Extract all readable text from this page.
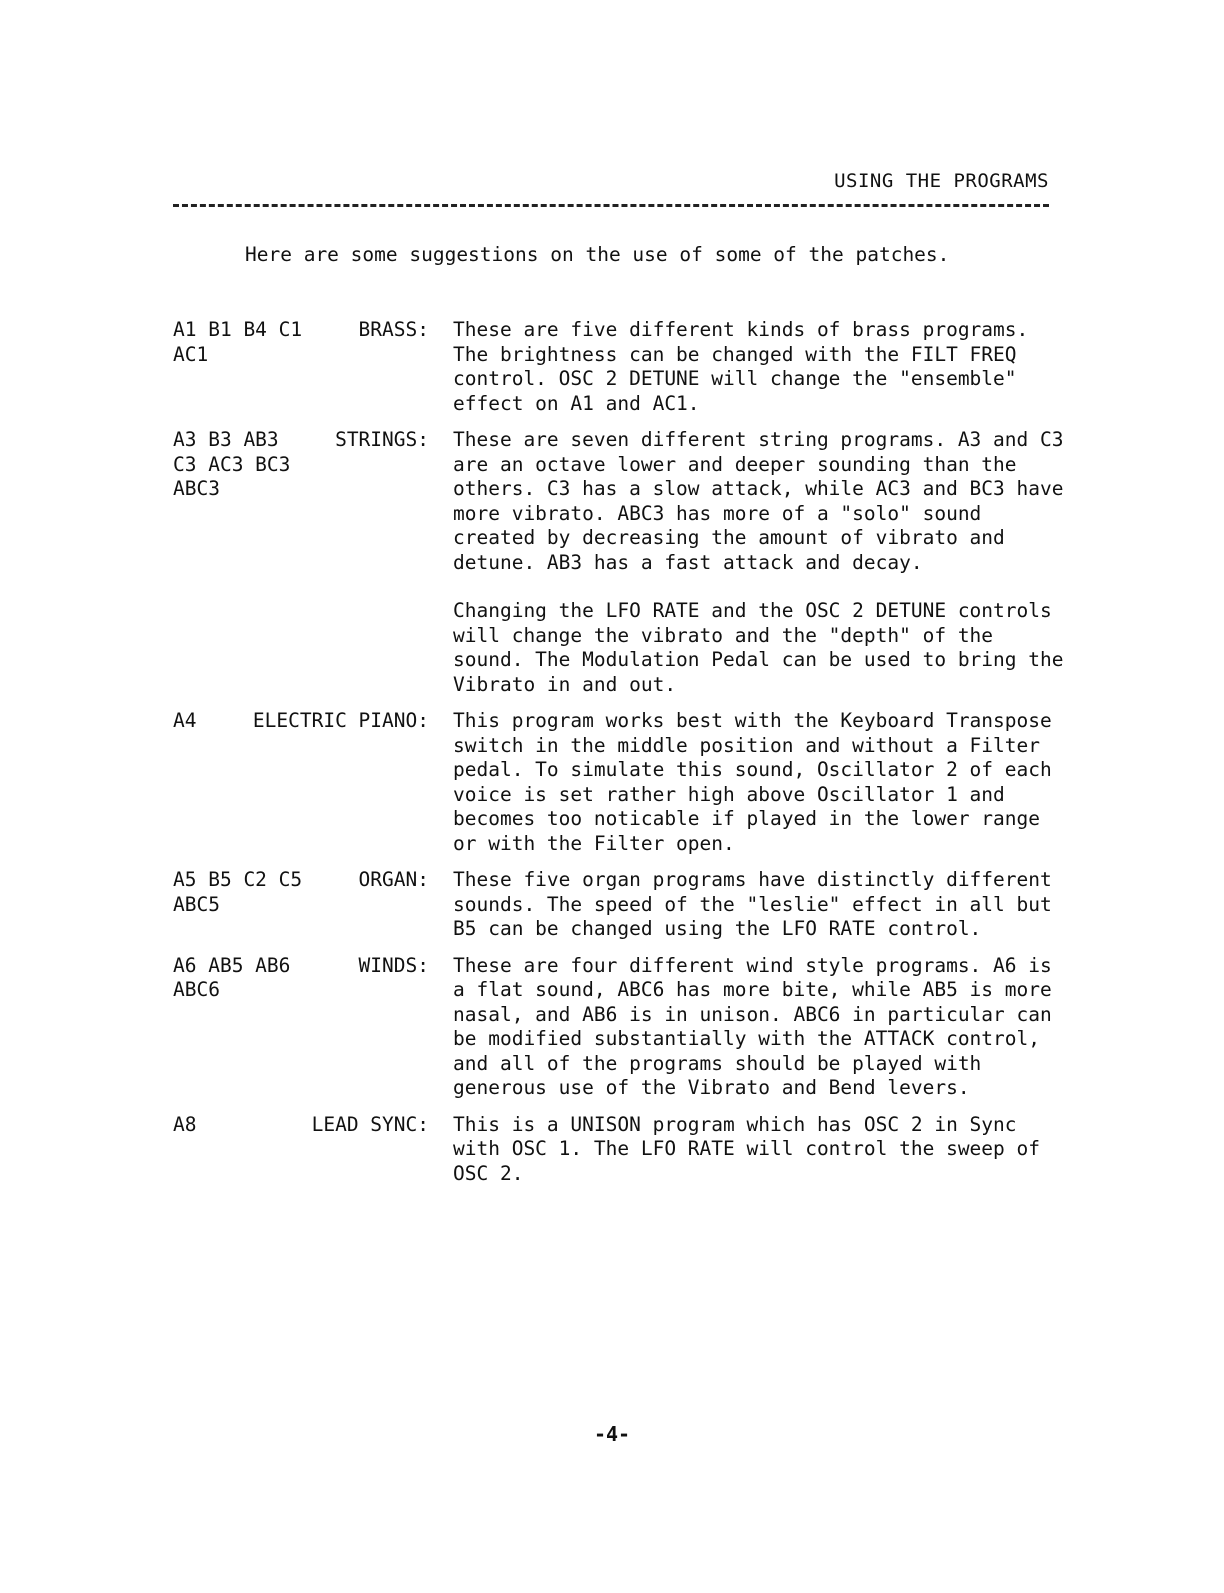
USING THE PROGRAMS
Here are some suggestions on the use of some of the patches.
A1 B1 B4 C1
AC1
BRASS: These are five different kinds of brass programs. The brightness can be changed with the FILT FREQ control. OSC 2 DETUNE will change the "ensemble" effect on A1 and AC1.
A3 B3 AB3
C3 AC3 BC3
ABC3
STRINGS: These are seven different string programs. A3 and C3 are an octave lower and deeper sounding than the others. C3 has a slow attack, while AC3 and BC3 have more vibrato. ABC3 has more of a "solo" sound created by decreasing the amount of vibrato and detune. AB3 has a fast attack and decay.
Changing the LFO RATE and the OSC 2 DETUNE controls will change the vibrato and the "depth" of the sound. The Modulation Pedal can be used to bring the Vibrato in and out.
A4	ELECTRIC PIANO: This program works best with the Keyboard Transpose switch in the middle position and without a Filter pedal. To simulate this sound, Oscillator 2 of each voice is set rather high above Oscillator 1 and becomes too noticable if played in the lower range or with the Filter open.
A5 B5 C2 C5
ABC5
ORGAN: These five organ programs have distinctly different sounds. The speed of the "leslie" effect in all but B5 can be changed using the LFO RATE control.
A6 AB5 AB6
ABC6
WINDS: These are four different wind style programs. A6 is a flat sound, ABC6 has more bite, while AB5 is more nasal, and AB6 is in unison. ABC6 in particular can be modified substantially with the ATTACK control, and all of the programs should be played with generous use of the Vibrato and Bend levers.
A8	LEAD SYNC: This is a UNISON program which has OSC 2 in Sync with OSC 1. The LFO RATE will control the sweep of OSC 2.
-4-
